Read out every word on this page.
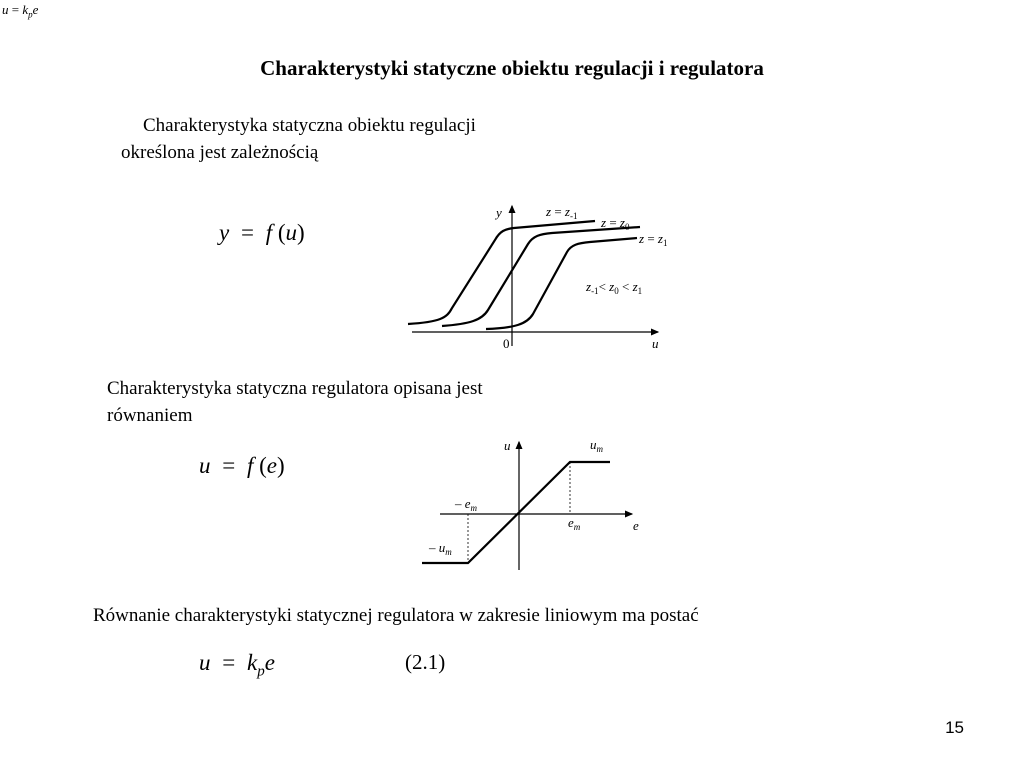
$u = k_pe$
Charakterystyki statyczne obiektu regulacji i regulatora
Charakterystyka statyczna obiektu regulacji
określona jest zależnością
y = f (u)
y
u
0
$z = z_{-1}$ $z = z_0$
$z = z_1$
$z_{-1}< z_0 < z_1$
Charakterystyka statyczna regulatora opisana jest
równaniem
u = f (e)
u
e
$u_m$
$e_m$
– $e_m$
– $u_m$
Równanie charakterystyki statycznej regulatora w zakresie liniowym ma postać
$u = k_pe$	(2.1)
15
